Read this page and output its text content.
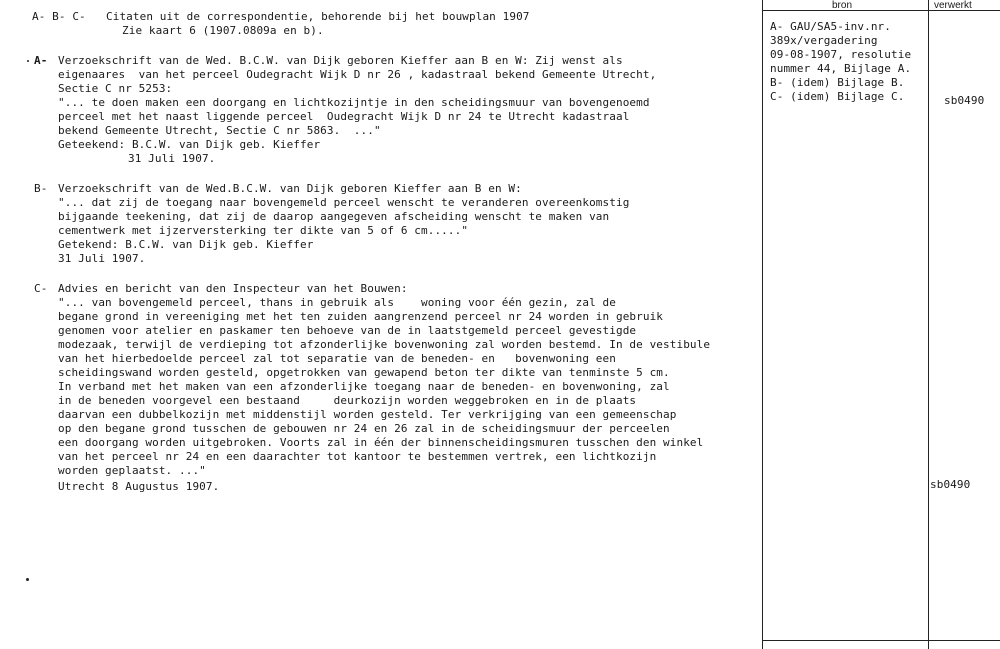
bron	verwerkt
A- B- C- Citaten uit de correspondentie, behorende bij het bouwplan 1907
Zie kaart 6 (1907.0809a en b).
A- Verzoekschrift van de Wed. B.C.W. van Dijk geboren Kieffer aan B en W: Zij wenst als
eigenaares  van het perceel Oudegracht Wijk D nr 26 , kadastraal bekend Gemeente Utrecht,
Sectie C nr 5253:
"... te doen maken een doorgang en lichtkozijntje in den scheidingsmuur van bovengenoemd
perceel met het naast liggende perceel  Oudegracht Wijk D nr 24 te Utrecht kadastraal
bekend Gemeente Utrecht, Sectie C nr 5863.  ..."
Geteekend: B.C.W. van Dijk geb. Kieffer
31 Juli 1907.
B- Verzoekschrift van de Wed.B.C.W. van Dijk geboren Kieffer aan B en W:
"... dat zij de toegang naar bovengemeld perceel wenscht te veranderen overeenkomstig
bijgaande teekening, dat zij de daarop aangegeven afscheiding wenscht te maken van
cementwerk met ijzerversterking ter dikte van 5 of 6 cm....."
Getekend: B.C.W. van Dijk geb. Kieffer
31 Juli 1907.
C- Advies en bericht van den Inspecteur van het Bouwen:
"... van bovengemeld perceel, thans in gebruik als    woning voor één gezin, zal de
begane grond in vereeniging met het ten zuiden aangrenzend perceel nr 24 worden in gebruik
genomen voor atelier en paskamer ten behoeve van de in laatstgemeld perceel gevestigde
modezaak, terwijl de verdieping tot afzonderlijke bovenwoning zal worden bestemd. In de vestibule
van het hierbedoelde perceel zal tot separatie van de beneden- en   bovenwoning een
scheidingswand worden gesteld, opgetrokken van gewapend beton ter dikte van tenminste 5 cm.
In verband met het maken van een afzonderlijke toegang naar de beneden- en bovenwoning, zal
in de beneden voorgevel een bestaand     deurkozijn worden weggebroken en in de plaats
daarvan een dubbelkozijn met middenstijl worden gesteld. Ter verkrijging van een gemeenschap
op den begane grond tusschen de gebouwen nr 24 en 26 zal in de scheidingsmuur der perceelen
een doorgang worden uitgebroken. Voorts zal in één der binnenscheidingsmuren tusschen den winkel
van het perceel nr 24 en een daarachter tot kantoor te bestemmen vertrek, een lichtkozijn
worden geplaatst. ..."
Utrecht 8 Augustus 1907.
A- GAU/SA5-inv.nr.
389x/vergadering
09-08-1907, resolutie
nummer 44, Bijlage A.
B- (idem) Bijlage B.
C- (idem) Bijlage C.	sb0490
sb0490
